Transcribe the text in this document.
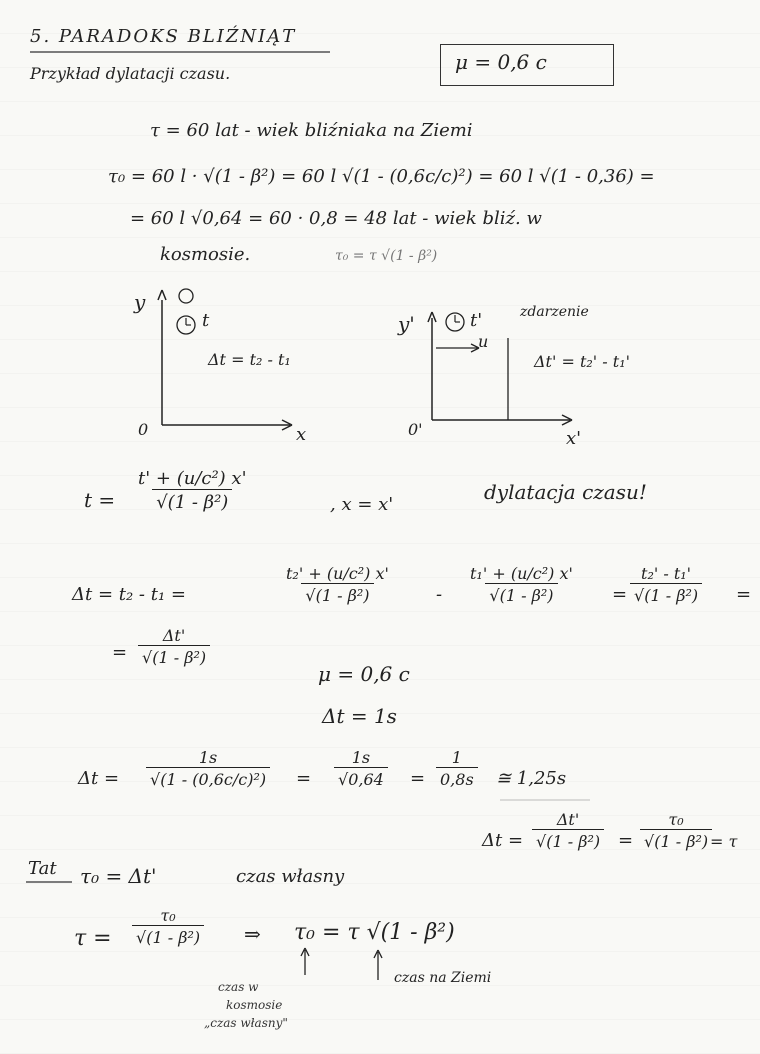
5. PARADOKS BLIŹNIĄT
Przykład dylatacji czasu.	μ = 0,6 c
τ = 60 lat - wiek bliźniaka na Ziemi
τ₀ = 60 l · √(1 - β²) = 60 l √(1 - (0,6c/c)²) = 60 l √(1 - 0,36) =
= 60 l √0,64 = 60 · 0,8 = 48 lat - wiek bliź. w
kosmosie.	τ₀ = τ √(1 - β²)
y
x
0
t
Δt = t₂ - t₁
y'
x'
0'
t'
u
zdarzenie
Δt' = t₂' - t₁'
$t = \frac{\text{t' + (u/c²) x'}}{\text{√(1 - β²)}}$	, x = x'
dylatacja czasu!
Δt = t₂ - t₁ =	$\frac{\text{t₂' + (u/c²) x'}}{\text{√(1 - β²)}} - \frac{\text{t₁' + (u/c²) x'}}{\text{√(1 - β²)}} = \frac{\text{t₂' - t₁'}}{\text{√(1 - β²)}}$ =
= $\frac{\Delta t'}{\text{√(1 - β²)}}$
μ = 0,6 c
Δt = 1s
$\Delta t = \frac{1s}{\text{√(1 - (0,6c/c)²)}} = \frac{1s}{√0,64} = \frac{1}{0,8s}$ ≅ 1,25s
$\Delta t = \frac{\Delta t'}{\text{√(1 - β²)}} = \frac{\text{τ₀}}{\text{√(1 - β²)}}$
= τ
Tat τ₀ = Δt'	czas własny
$\tau = \frac{\text{τ₀}}{\text{√(1 - β²)}}$ ⇒ τ₀ = τ √(1 - β²)
czas w
kosmosie
„czas własny"
czas na Ziemi
